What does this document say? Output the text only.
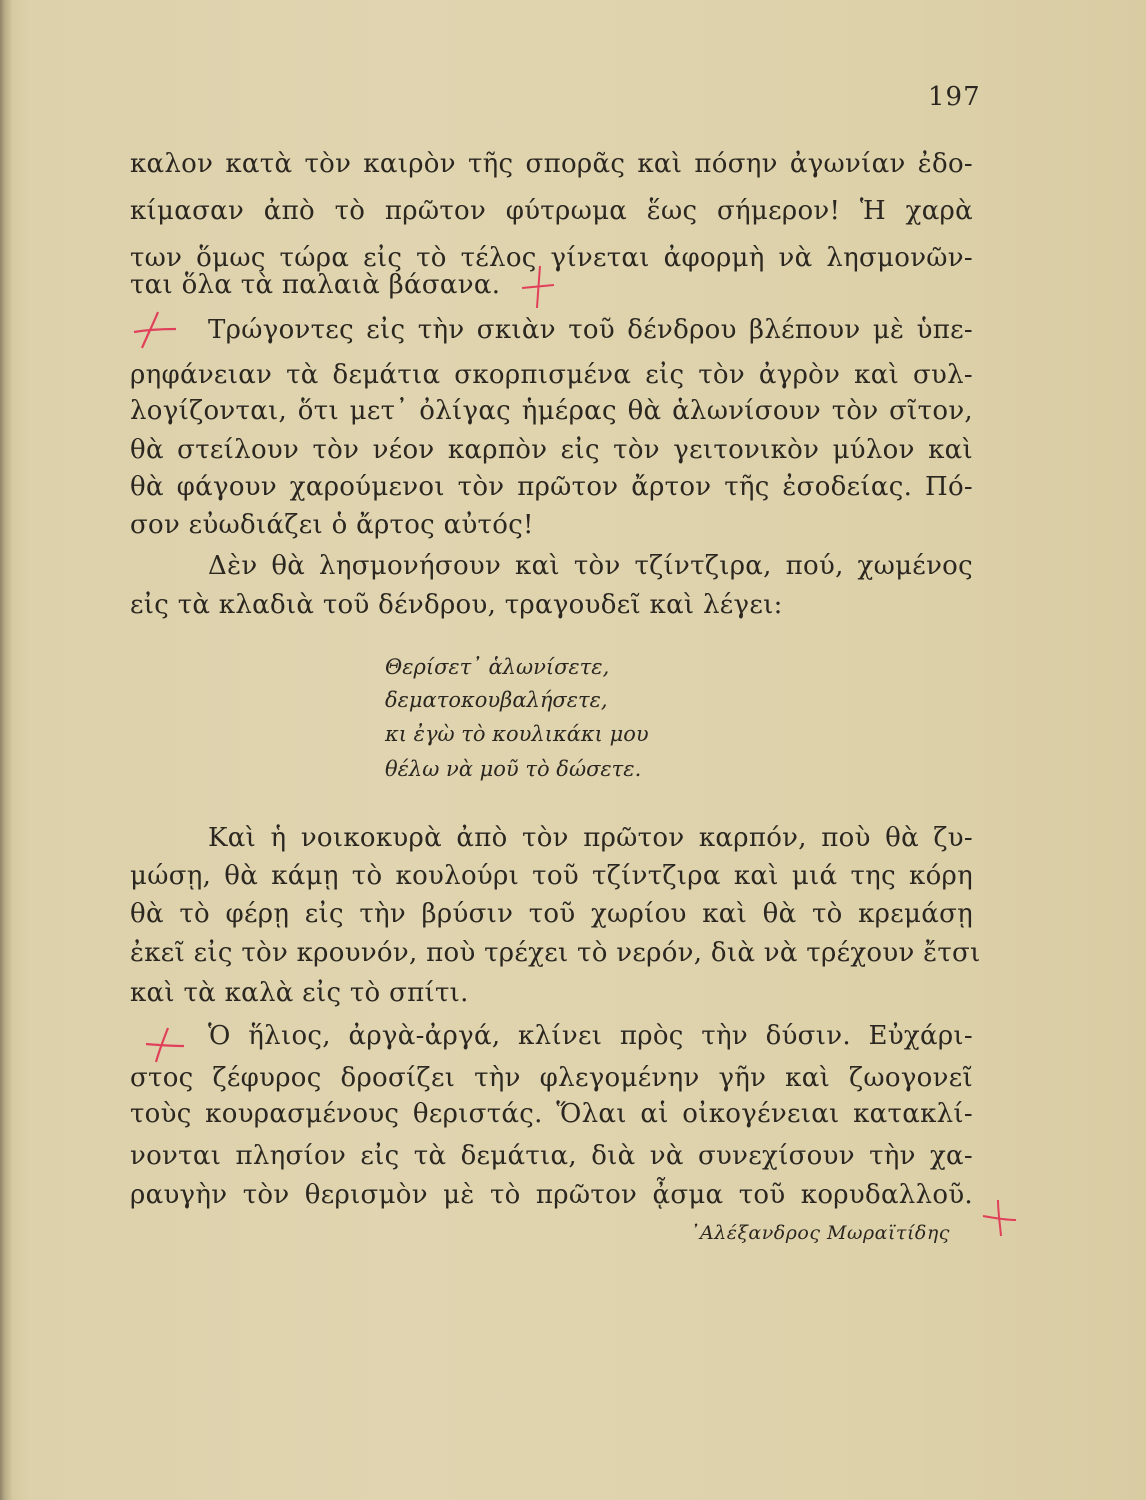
197
καλον κατὰ τὸν καιρὸν τῆς σπορᾶς καὶ πόσην ἀγωνίαν ἐδο-
κίμασαν ἀπὸ τὸ πρῶτον φύτρωμα ἕως σήμερον! Ἡ χαρὰ
των ὅμως τώρα εἰς τὸ τέλος γίνεται ἀφορμὴ νὰ λησμονῶν-
ται ὅλα τὰ παλαιὰ βάσανα.
Τρώγοντες εἰς τὴν σκιὰν τοῦ δένδρου βλέπουν μὲ ὑπε-
ρηφάνειαν τὰ δεμάτια σκορπισμένα εἰς τὸν ἀγρὸν καὶ συλ-
λογίζονται, ὅτι μετ᾽ ὀλίγας ἡμέρας θὰ ἁλωνίσουν τὸν σῖτον,
θὰ στείλουν τὸν νέον καρπὸν εἰς τὸν γειτονικὸν μύλον καὶ
θὰ φάγουν χαρούμενοι τὸν πρῶτον ἄρτον τῆς ἐσοδείας. Πό-
σον εὐωδιάζει ὁ ἄρτος αὐτός!
Δὲν θὰ λησμονήσουν καὶ τὸν τζίντζιρα, πού, χωμένος
εἰς τὰ κλαδιὰ τοῦ δένδρου, τραγουδεῖ καὶ λέγει:
Θερίσετ᾽ ἁλωνίσετε,
δεματοκουβαλήσετε,
κι ἐγὼ τὸ κουλικάκι μου
θέλω νὰ μοῦ τὸ δώσετε.
Καὶ ἡ νοικοκυρὰ ἀπὸ τὸν πρῶτον καρπόν, ποὺ θὰ ζυ-
μώσῃ, θὰ κάμῃ τὸ κουλούρι τοῦ τζίντζιρα καὶ μιά της κόρη
θὰ τὸ φέρῃ εἰς τὴν βρύσιν τοῦ χωρίου καὶ θὰ τὸ κρεμάσῃ
ἐκεῖ εἰς τὸν κρουνόν, ποὺ τρέχει τὸ νερόν, διὰ νὰ τρέχουν ἔτσι
καὶ τὰ καλὰ εἰς τὸ σπίτι.
Ὁ ἥλιος, ἀργὰ-ἀργά, κλίνει πρὸς τὴν δύσιν. Εὐχάρι-
στος ζέφυρος δροσίζει τὴν φλεγομένην γῆν καὶ ζωογονεῖ
τοὺς κουρασμένους θεριστάς. Ὅλαι αἱ οἰκογένειαι κατακλί-
νονται πλησίον εἰς τὰ δεμάτια, διὰ νὰ συνεχίσουν τὴν χα-
ραυγὴν τὸν θερισμὸν μὲ τὸ πρῶτον ᾆσμα τοῦ κορυδαλλοῦ.
᾽Αλέξανδρος Μωραϊτίδης
